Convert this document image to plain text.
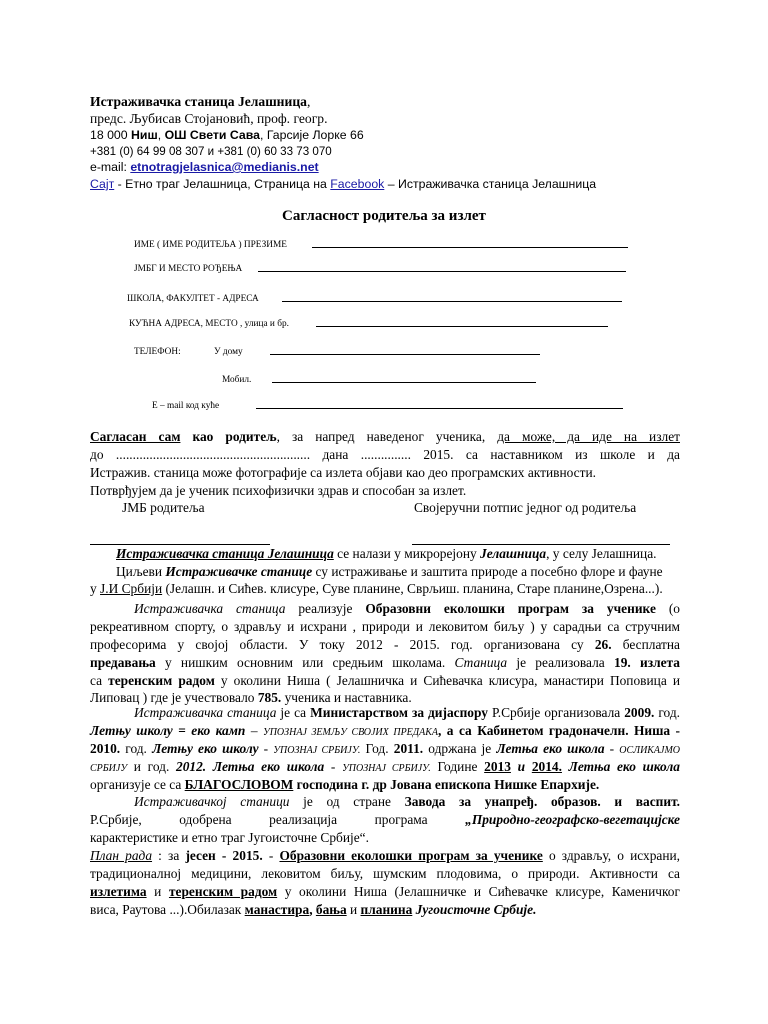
Истраживачка станица Јелашница,
предс. Љубисав Стојановић, проф. геогр.
18 000 Ниш, ОШ Свети Сава, Гарсије Лорке 66
+381 (0) 64 99 08 307 и +381 (0) 60 33 73 070
e-mail: etnotragjelasnica@medianis.net
Сајт - Етно траг Јелашница, Страница на Facebook – Истраживачка станица Јелашница
Сагласност родитеља за излет
ИМЕ ( ИМЕ РОДИТЕЉА ) ПРЕЗИМЕ
ЈМБГ И МЕСТО РОЂЕЊА
ШКОЛА, ФАКУЛТЕТ - АДРЕСА
КУЋНА АДРЕСА, МЕСТО , улица и бр.
ТЕЛЕФОН:	У дому
Мобил.
E – mail код куће
Сагласан сам као родитељ, за напред наведеног ученика, да може, да иде на излет
до .......................................................... дана ............... 2015. са наставником из школе и да
Истражив. станица може фотографије са излета објави као део програмских активности.
Потврђујем да је ученик психофизички здрав и способан за излет.
ЈМБ родитеља	Својеручни потпис једног од родитеља
Истраживачка станица Јелашница се налази у микрорејону Јелашница, у селу Јелашница.
Циљеви Истраживачке станице су истраживање и заштита природе а посебно флоре и фауне
у Ј.И Србији (Јелашн. и Сићев. клисуре, Суве планине, Сврљиш. планина, Старе планине,Озрена...).
Истраживачка станица реализује Образовни еколошки програм за ученике (о
рекреативном спорту, о здрављу и исхрани , природи и лековитом биљу ) у сарадњи са стручним
професорима у својој области. У току 2012 - 2015. год. организована су 26. бесплатна
предавања у нишким основним или средњим школама. Станица је реализовала 19. излета
са теренским радом у околини Ниша ( Јелашничка и Сићевачка клисура, манастири Поповица и
Липовац ) где је учествовало 785. ученика и наставника.
Истраживачка станица је са Министарством за дијаспору Р.Србије организовала 2009. год.
Летњу школу = еко камп – УПОЗНАЈ ЗЕМЉУ СВОЈИХ ПРЕДАКА, а са Кабинетом градоначелн. Ниша -
2010. год. Летњу еко школу - УПОЗНАЈ СРБИЈУ. Год. 2011. одржана је Летња еко школа - ОСЛИКАЈМО
СРБИЈУ и год. 2012. Летња еко школа - УПОЗНАЈ СРБИЈУ. Године 2013 и 2014. Летња еко школа
организује се са БЛАГОСЛОВОМ господина г. др Јована епископа Нишке Епархије.
Истраживачкој станици је од стране Завода за унапређ. образов. и васпит.
Р.Србије, одобрена реализација програма „Природно-географско-вегетацијске
карактеристике и етно траг Југоисточне Србије“.
План рада : за јесен - 2015. - Образовни еколошки програм за ученике о здрављу, о исхрани,
традиционалној медицини, лековитом биљу, шумским плодовима, о природи. Активности са
излетима и теренским радом у околини Ниша (Јелашничке и Сићевачке клисуре, Каменичког
виса, Раутова ...).Обилазак манастира, бања и планина Југоисточне Србије.
